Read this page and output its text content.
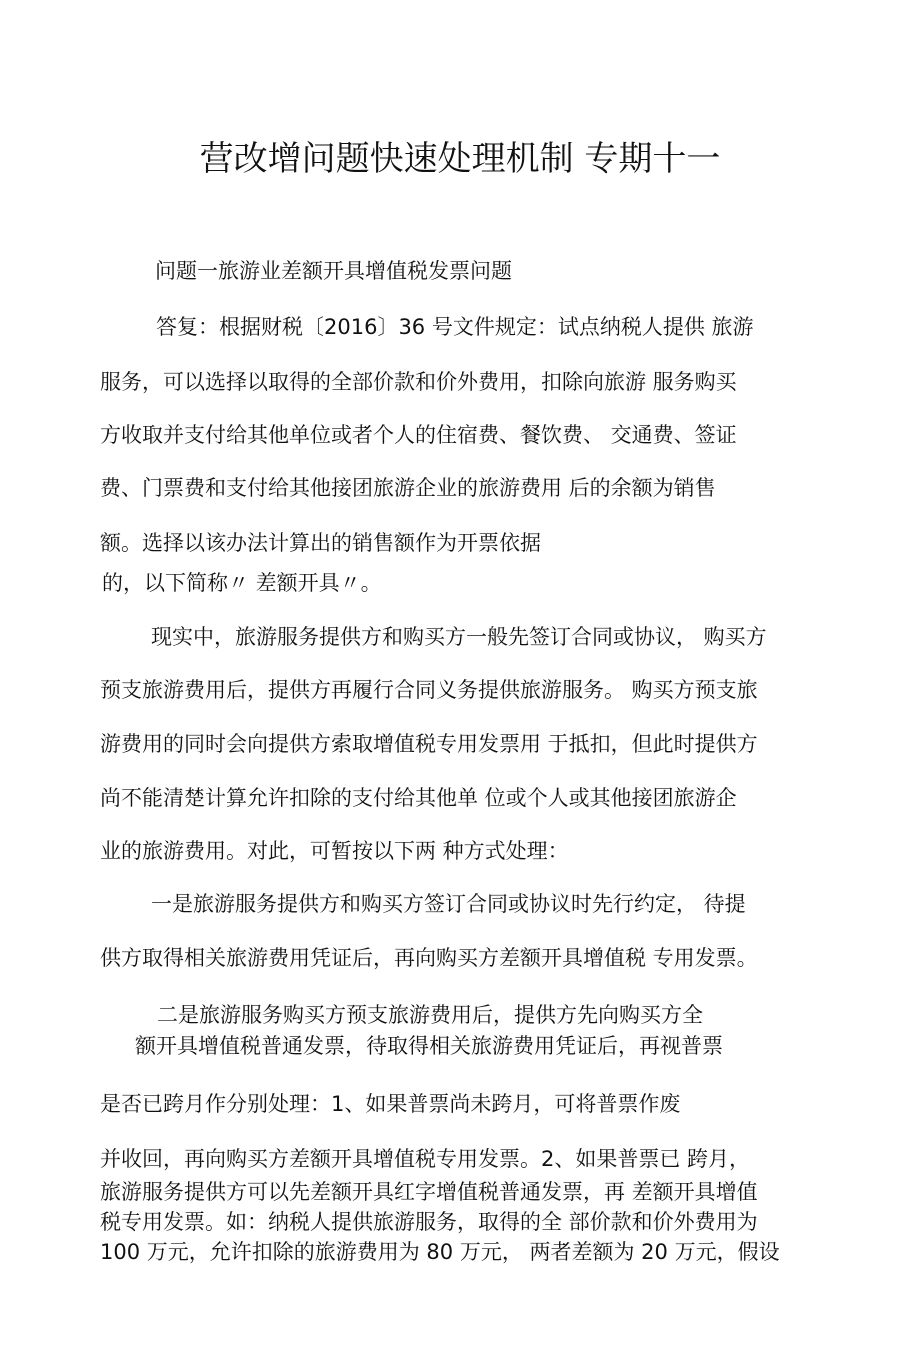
营改增问题快速处理机制 专期十一
问题一旅游业差额开具增值税发票问题
答复：根据财税〔2016〕36 号文件规定：试点纳税人提供 旅游
服务，可以选择以取得的全部价款和价外费用，扣除向旅游 服务购买
方收取并支付给其他单位或者个人的住宿费、餐饮费、 交通费、签证
费、门票费和支付给其他接团旅游企业的旅游费用 后的余额为销售
额。选择以该办法计算出的销售额作为开票依据
的，以下简称〃 差额开具〃。
现实中，旅游服务提供方和购买方一般先签订合同或协议， 购买方
预支旅游费用后，提供方再履行合同义务提供旅游服务。 购买方预支旅
游费用的同时会向提供方索取增值税专用发票用 于抵扣，但此时提供方
尚不能清楚计算允许扣除的支付给其他单 位或个人或其他接团旅游企
业的旅游费用。对此，可暂按以下两 种方式处理：
一是旅游服务提供方和购买方签订合同或协议时先行约定， 待提
供方取得相关旅游费用凭证后，再向购买方差额开具增值税 专用发票。
二是旅游服务购买方预支旅游费用后，提供方先向购买方全
额开具增值税普通发票，待取得相关旅游费用凭证后，再视普票
是否已跨月作分别处理：1、如果普票尚未跨月，可将普票作废
并收回，再向购买方差额开具增值税专用发票。2、如果普票已 跨月，
旅游服务提供方可以先差额开具红字增值税普通发票，再 差额开具增值
税专用发票。如：纳税人提供旅游服务，取得的全 部价款和价外费用为
100 万元，允许扣除的旅游费用为 80 万元， 两者差额为 20 万元，假设
